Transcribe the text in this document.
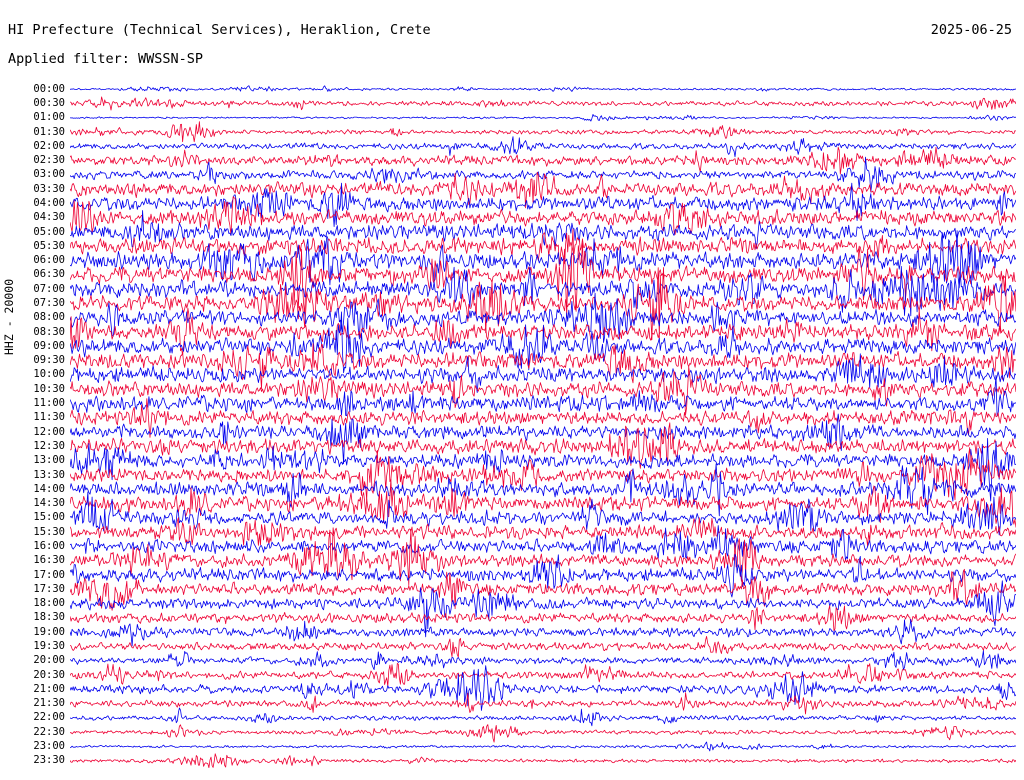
HI Prefecture (Technical Services), Heraklion, Crete	2025-06-25
Applied filter: WWSSN-SP
HHZ - 20000
00:00
00:30
01:00
01:30
02:00
02:30
03:00
03:30
04:00
04:30
05:00
05:30
06:00
06:30
07:00
07:30
08:00
08:30
09:00
09:30
10:00
10:30
11:00
11:30
12:00
12:30
13:00
13:30
14:00
14:30
15:00
15:30
16:00
16:30
17:00
17:30
18:00
18:30
19:00
19:30
20:00
20:30
21:00
21:30
22:00
22:30
23:00
23:30
